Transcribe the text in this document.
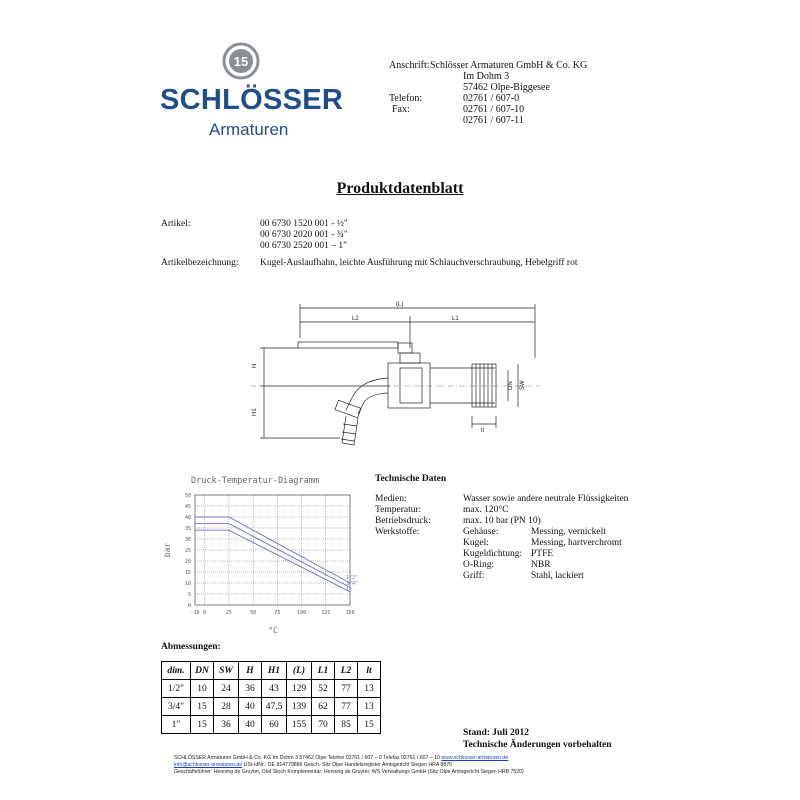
15
SCHLÖSSER
Armaturen
Anschrift: Schlösser Armaturen GmbH & Co. KG
Im Dohm 3
57462 Olpe-Biggesee
Telefon:	02761 / 607-0
Fax:	02761 / 607-10
02761 / 607-11
Produktdatenblatt
Artikel:	00 6730 1520 001 - ½"
00 6730 2020 001 - ¾"
00 6730 2520 001 – 1"
Artikelbezeichnung: Kugel-Auslaufhahn, leichte Ausführung mit Schlauchverschraubung, Hebelgriff rot
(L)
L2	L1
H
H1
lt
DN SW
Druck-Temperatur-Diagramm
1/2"
3/4"
1"
0
5
10
15
20
25
30
35
40
45
50
-10 0	25	50	75	100	125	150
bar
°C
Technische Daten
Medien:	Wasser sowie andere neutrale Flüssigkeiten
Temperatur:	max. 120°C
Betriebsdruck:	max. 10 bar (PN 10)
Werkstoffe:	Gehäuse:	Messing, vernickelt
Kugel:	Messing, hartverchromt
Kugeldichtung: PTFE
O-Ring:	NBR
Griff:	Stahl, lackiert
Abmessungen:
dim.	DN	SW	H	H1	(L)	L1	L2	lt
1/2"	10	24	36	43	129	52	77	13
3/4"	15	28	40	47,5	139	62	77	13
1"	15	36	40	60	155	70	85	15
Stand: Juli 2012
Technische Änderungen vorbehalten
SCHLÖSSER Armaturen GmbH & Co. KG Im Dohm 3 57462 Olpe Telefon 02761 / 607 – 0 Telefax 02761 / 607 – 10 www.schlosser-armaturen.de
info@schlosser-armaturen.de USt-IdNr.: DE 814779886 Gesch.-Sitz Olpe Handelsregister Amtsgericht Siegen HRA 8876
Geschäftsführer: Henning de Gruyter, Olaf Stoch Komplementär: Henning de Gruyter, WS Verwaltungs GmbH (Sitz Olpe Amtsgericht Siegen HRB 7520)
